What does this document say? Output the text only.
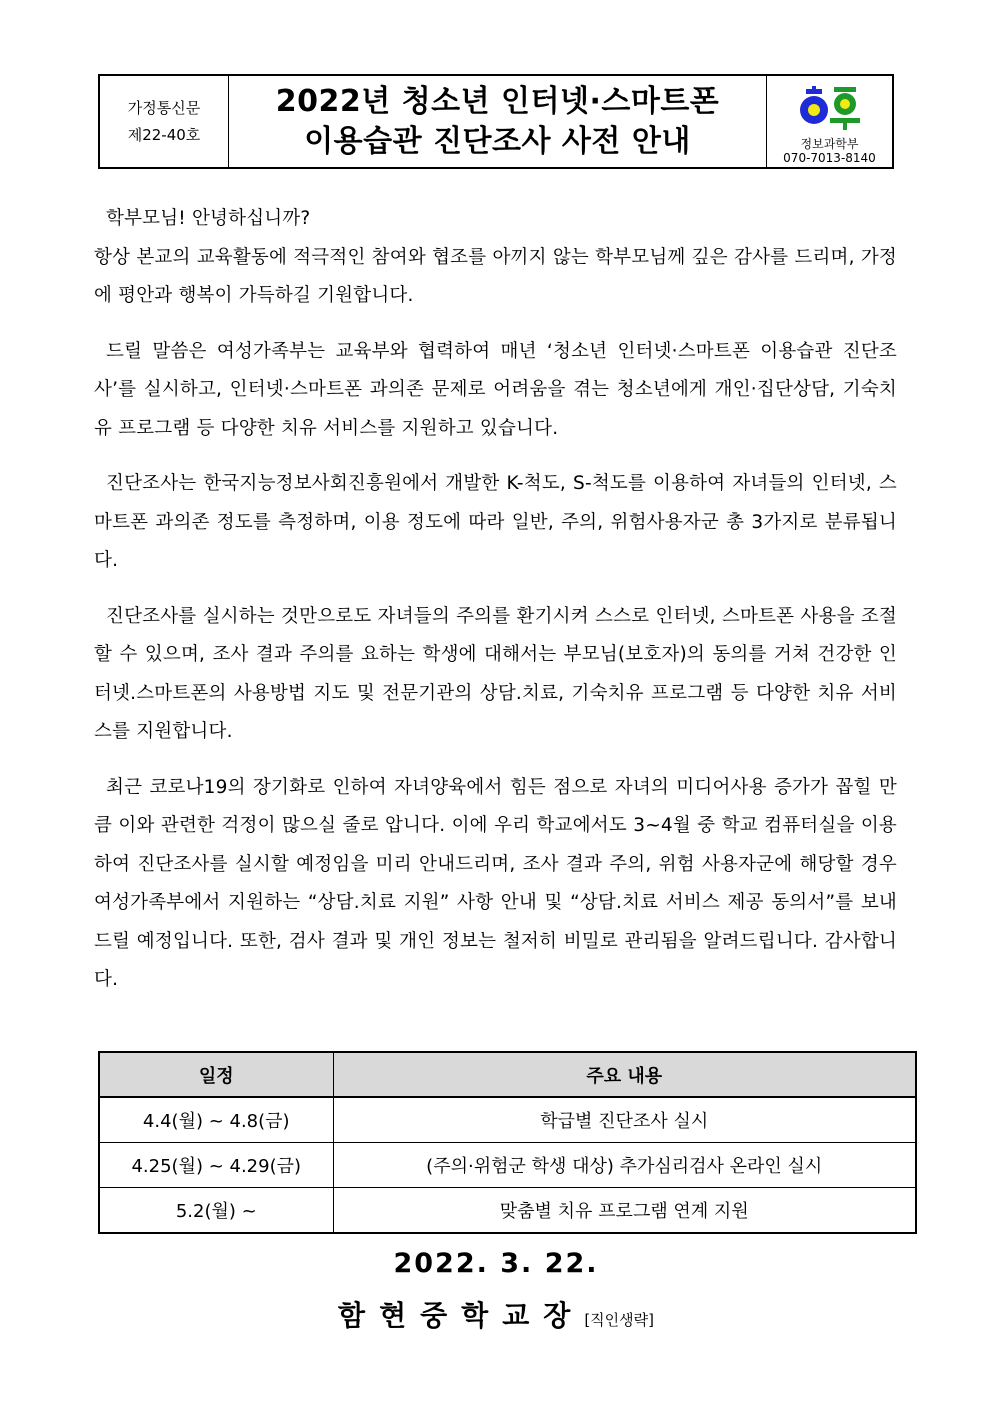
가정통신문
제22-40호
2022년 청소년 인터넷·스마트폰
이용습관 진단조사 사전 안내	정보과학부
070-7013-8140

학부모님! 안녕하십니까?

항상 본교의 교육활동에 적극적인 참여와 협조를 아끼지 않는 학부모님께 깊은 감사를 드리며, 가정에 평안과 행복이 가득하길 기원합니다.

드릴 말씀은 여성가족부는 교육부와 협력하여 매년 ‘청소년 인터넷·스마트폰 이용습관 진단조사’를 실시하고, 인터넷·스마트폰 과의존 문제로 어려움을 겪는 청소년에게 개인·집단상담, 기숙치유 프로그램 등 다양한 치유 서비스를 지원하고 있습니다.

진단조사는 한국지능정보사회진흥원에서 개발한 K-척도, S-척도를 이용하여 자녀들의 인터넷, 스마트폰 과의존 정도를 측정하며, 이용 정도에 따라 일반, 주의, 위험사용자군 총 3가지로 분류됩니다.

진단조사를 실시하는 것만으로도 자녀들의 주의를 환기시켜 스스로 인터넷, 스마트폰 사용을 조절할 수 있으며, 조사 결과 주의를 요하는 학생에 대해서는 부모님(보호자)의 동의를 거쳐 건강한 인터넷.스마트폰의 사용방법 지도 및 전문기관의 상담.치료, 기숙치유 프로그램 등 다양한 치유 서비스를 지원합니다.

최근 코로나19의 장기화로 인하여 자녀양육에서 힘든 점으로 자녀의 미디어사용 증가가 꼽힐 만큼 이와 관련한 걱정이 많으실 줄로 압니다. 이에 우리 학교에서도 3~4월 중 학교 컴퓨터실을 이용하여 진단조사를 실시할 예정임을 미리 안내드리며, 조사 결과 주의, 위험 사용자군에 해당할 경우 여성가족부에서 지원하는 “상담.치료 지원” 사항 안내 및 “상담.치료 서비스 제공 동의서”를 보내드릴 예정입니다. 또한, 검사 결과 및 개인 정보는 철저히 비밀로 관리됨을 알려드립니다. 감사합니다.

일정	주요 내용
4.4(월) ~ 4.8(금)	학급별 진단조사 실시
4.25(월) ~ 4.29(금)	(주의·위험군 학생 대상) 추가심리검사 온라인 실시
5.2(월) ~	맞춤별 치유 프로그램 연계 지원
2022. 3. 22.
함현중학교장[직인생략]
